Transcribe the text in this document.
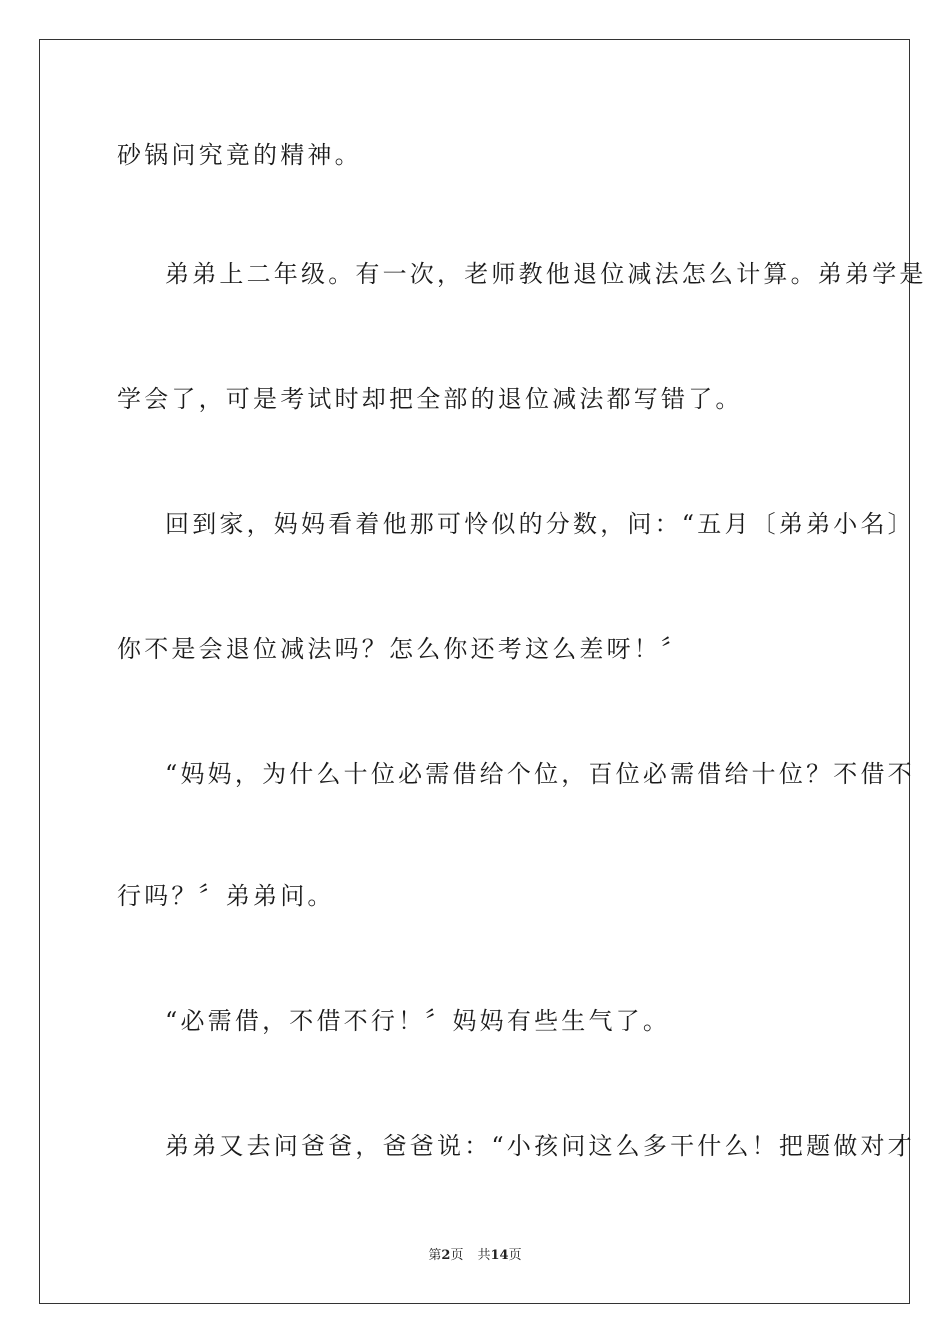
砂锅问究竟的精神。
弟弟上二年级。有一次，老师教他退位减法怎么计算。弟弟学是
学会了，可是考试时却把全部的退位减法都写错了。
回到家，妈妈看着他那可怜似的分数，问：“五月〔弟弟小名〕
你不是会退位减法吗？怎么你还考这么差呀！〞
“妈妈，为什么十位必需借给个位，百位必需借给十位？不借不
行吗？〞弟弟问。
“必需借，不借不行！〞妈妈有些生气了。
弟弟又去问爸爸，爸爸说：“小孩问这么多干什么！把题做对才
第2页 共14页
